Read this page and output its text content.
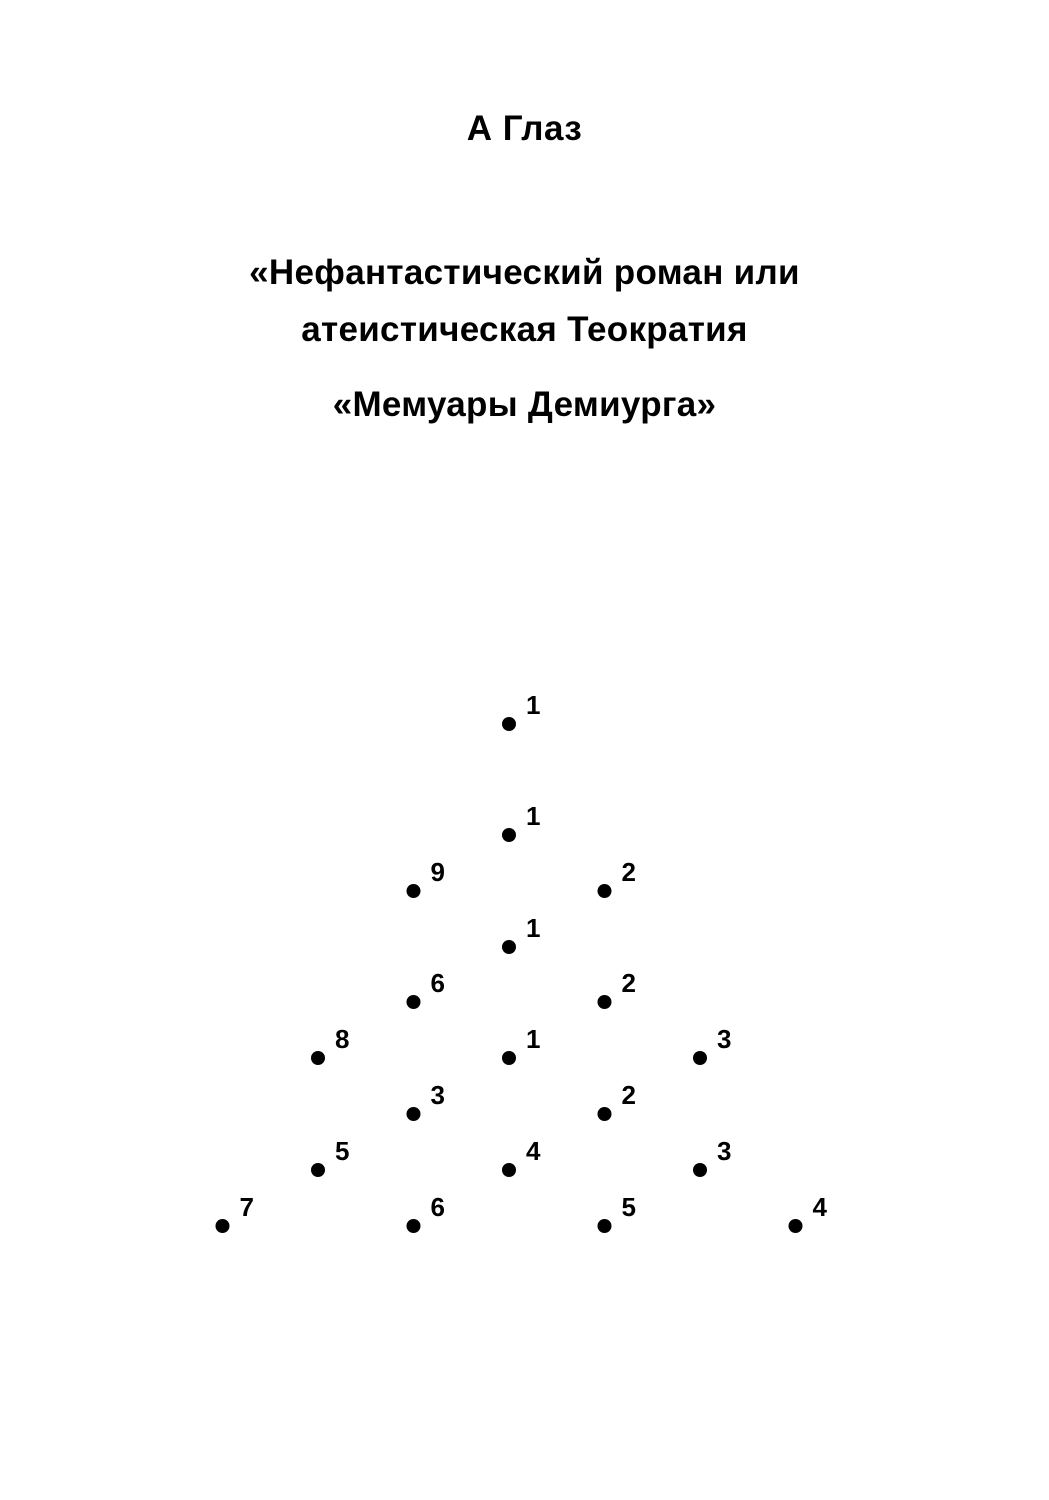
А Глаз
«Нефантастический роман или
атеистическая Теократия
«Мемуары Демиурга»
1
1
9	2
1
6	2
8	1	3
3	2
5	4	3
7	6	5	4
